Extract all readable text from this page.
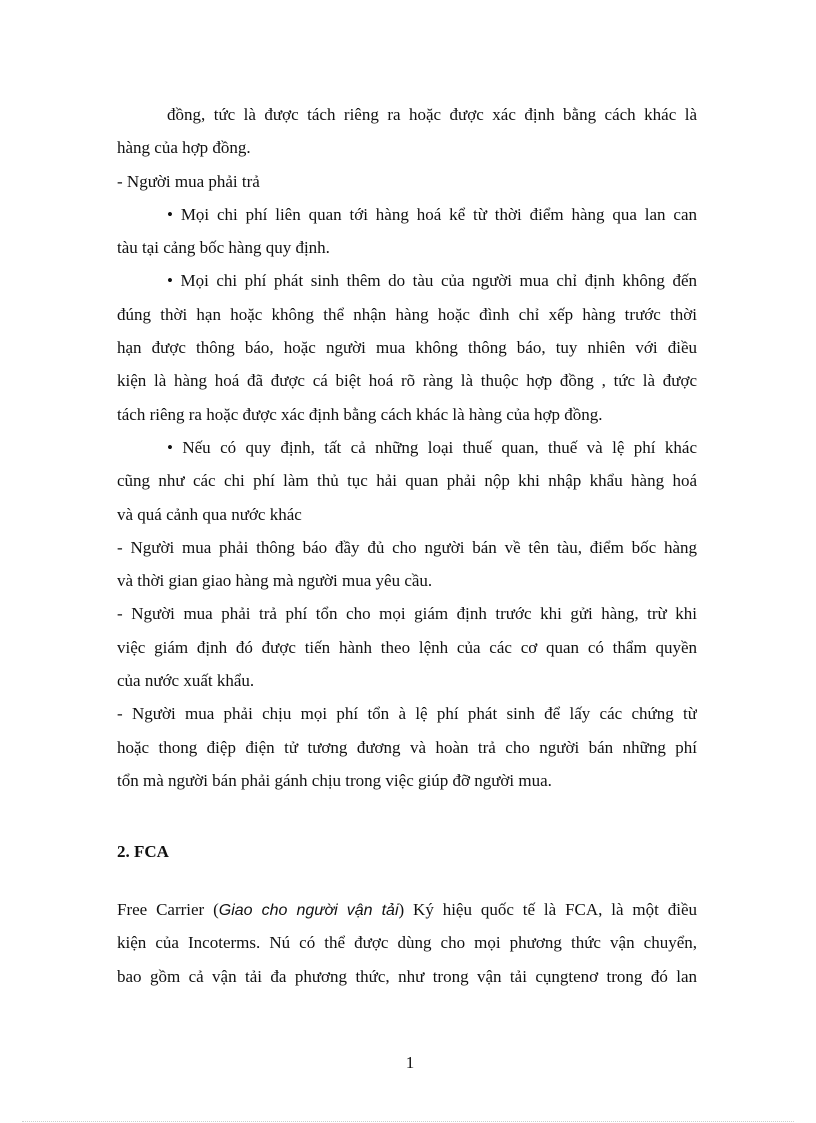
đồng, tức là được tách riêng ra hoặc được xác định bằng cách khác là
hàng của hợp đồng.
- Người mua phải trả
• Mọi chi phí liên quan tới hàng hoá kể từ thời điểm hàng qua lan can
tàu tại cảng bốc hàng quy định.
• Mọi chi phí phát sinh thêm do tàu của người mua chỉ định không đến
đúng thời hạn hoặc không thể nhận hàng hoặc đình chỉ xếp hàng trước thời
hạn được thông báo, hoặc người mua không thông báo, tuy nhiên với điều
kiện là hàng hoá đã được cá biệt hoá rõ ràng là thuộc hợp đồng , tức là được
tách riêng ra hoặc được xác định bằng cách khác là hàng của hợp đồng.
• Nếu có quy định, tất cả những loại thuế quan, thuế và lệ phí khác
cũng như các chi phí làm thủ tục hải quan phải nộp khi nhập khẩu hàng hoá
và quá cảnh qua nước khác
- Người mua phải thông báo đầy đủ cho người bán về tên tàu, điểm bốc hàng
và thời gian giao hàng mà người mua yêu cầu.
- Người mua phải trả phí tổn cho mọi giám định trước khi gửi hàng, trừ khi
việc giám định đó được tiến hành theo lệnh của các cơ quan có thẩm quyền
của nước xuất khẩu.
- Người mua phải chịu mọi phí tổn à lệ phí phát sinh để lấy các chứng từ
hoặc thong điệp điện tử tương đương và hoàn trả cho người bán những phí
tổn mà người bán phải gánh chịu trong việc giúp đỡ người mua.
2. FCA
Free Carrier (Giao cho người vận tải) Ký hiệu quốc tế là FCA, là một điều
kiện của Incoterms. Nú có thể được dùng cho mọi phương thức vận chuyển,
bao gồm cả vận tải đa phương thức, như trong vận tải cụngtenơ trong đó lan
1
